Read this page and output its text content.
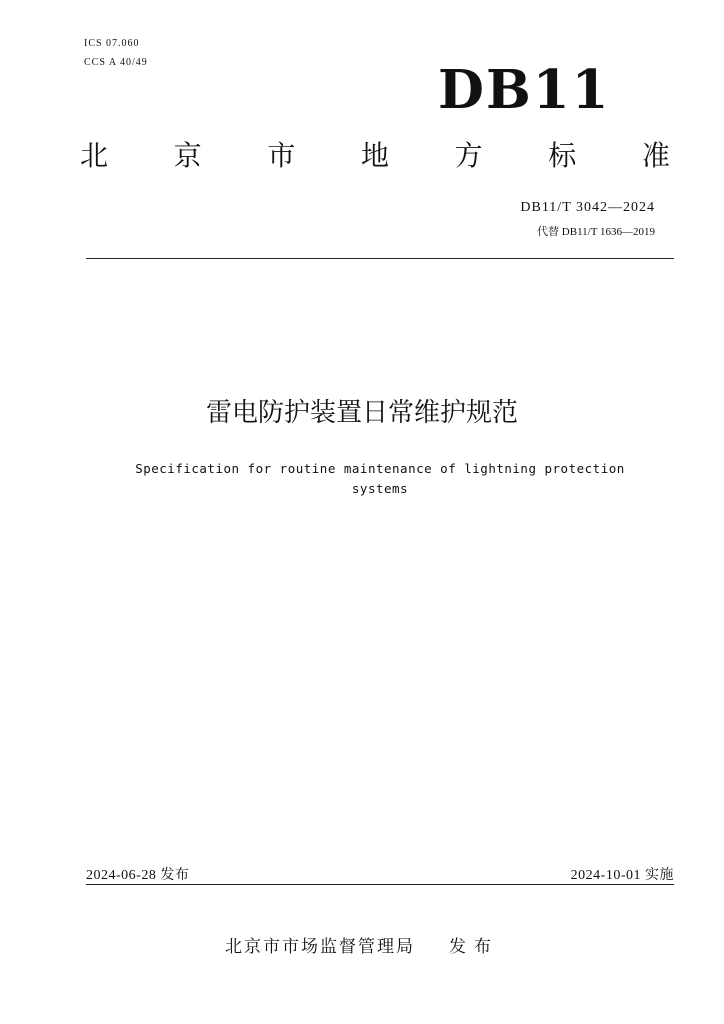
ICS 07.060
CCS A 40/49	DB11
北 京 市 地 方 标 准
DB11/T 3042—2024
代替 DB11/T 1636—2019
雷电防护装置日常维护规范
Specification for routine maintenance of lightning protection systems
2024-06-28 发布	2024-10-01 实施
北京市市场监督管理局 发布
